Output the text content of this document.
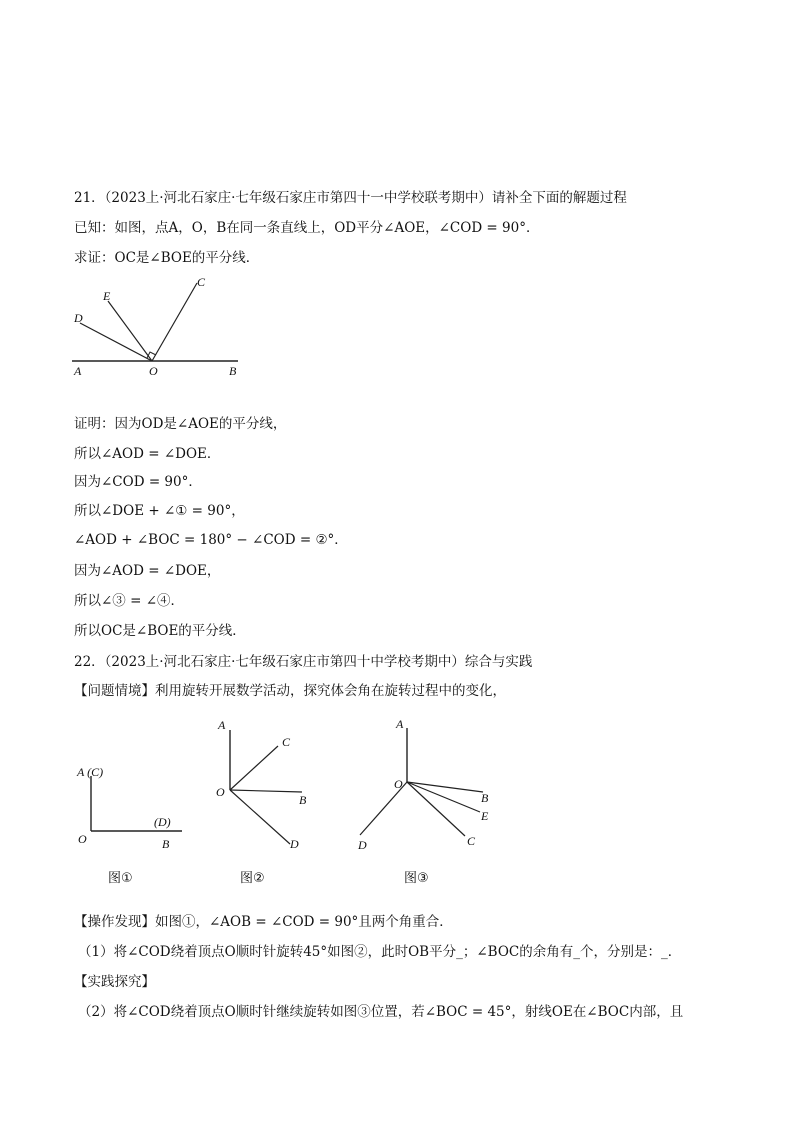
21．（2023上·河北石家庄·七年级石家庄市第四十一中学校联考期中）请补全下面的解题过程
已知：如图，点A，O，B在同一条直线上，OD平分∠AOE，∠COD = 90°．
求证：OC是∠BOE的平分线．
C
E
D
A	O	B
证明：因为OD是∠AOE的平分线，
所以∠AOD = ∠DOE．
因为∠COD = 90°．
所以∠DOE + ∠① = 90°，
∠AOD + ∠BOC = 180° − ∠COD = ②°．
因为∠AOD = ∠DOE，
所以∠③ = ∠④．
所以OC是∠BOE的平分线．
22．（2023上·河北石家庄·七年级石家庄市第四十中学校考期中）综合与实践
【问题情境】利用旋转开展数学活动，探究体会角在旋转过程中的变化，
A (C)
O
(D)
B
图①
A
C
O
B
D
图②
A
O
B
E
C
D
图③
【操作发现】如图①，∠AOB = ∠COD = 90°且两个角重合．
（1）将∠COD绕着顶点O顺时针旋转45°如图②，此时OB平分_；∠BOC的余角有_个，分别是：_．
【实践探究】
（2）将∠COD绕着顶点O顺时针继续旋转如图③位置，若∠BOC = 45°，射线OE在∠BOC内部，且
